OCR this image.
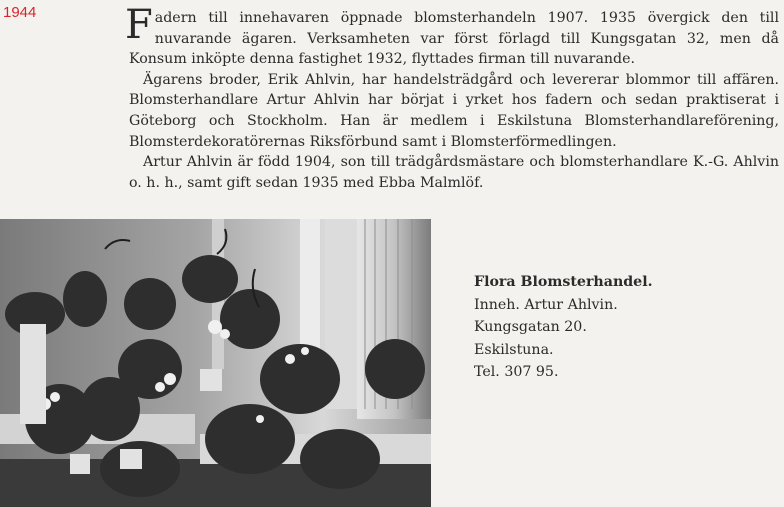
1944 Fadern till innehavaren öppnade blomsterhandeln 1907. 1935 övergick den till nuvarande ägaren. Verksamheten var först förlagd till Kungsgatan 32, men då Konsum inköpte denna fastighet 1932, flyttades firman till nuvarande.

Ägarens broder, Erik Ahlvin, har handelsträdgård och levererar blommor till affären. Blomsterhandlare Artur Ahlvin har börjat i yrket hos fadern och sedan praktiserat i Göteborg och Stockholm. Han är medlem i Eskilstuna Blomsterhandlareförening, Blomsterdekoratörernas Riksförbund samt i Blomsterförmedlingen.

Artur Ahlvin är född 1904, son till trädgårdsmästare och blomsterhandlare K.-G. Ahlvin o. h. h., samt gift sedan 1935 med Ebba Malmlöf.

Flora Blomsterhandel.
Inneh. Artur Ahlvin.
Kungsgatan 20.
Eskilstuna.
Tel. 307 95.
